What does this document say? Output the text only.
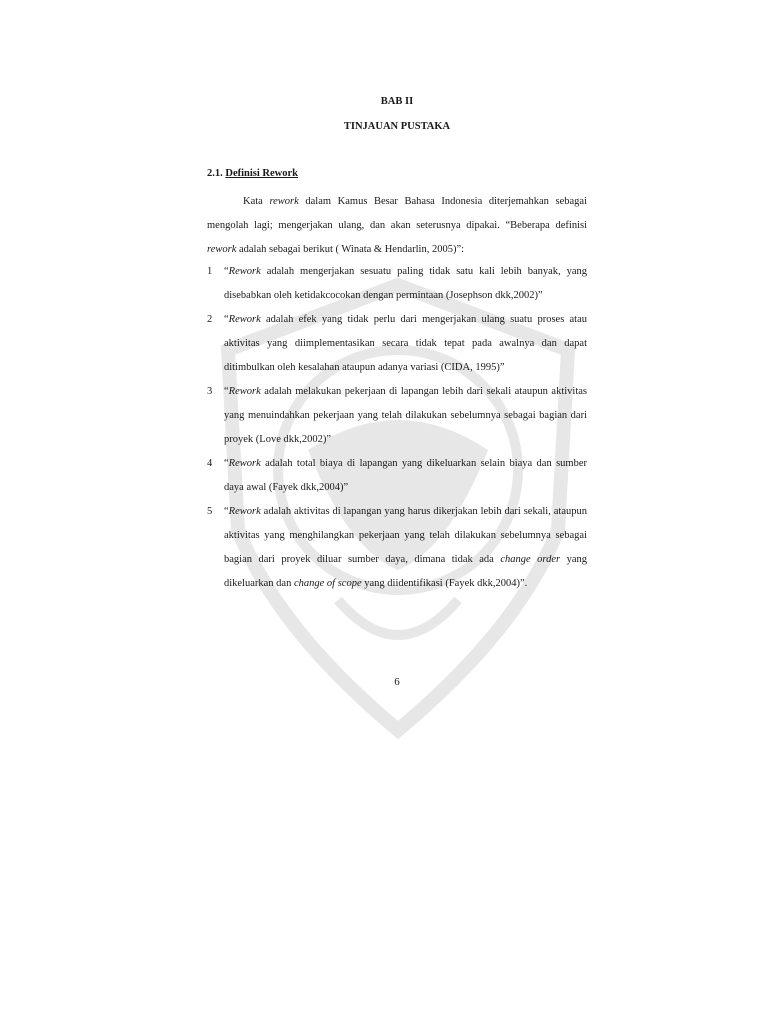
BAB II

TINJAUAN PUSTAKA

2.1. Definisi Rework

Kata rework dalam Kamus Besar Bahasa Indonesia diterjemahkan sebagai mengolah lagi; mengerjakan ulang, dan akan seterusnya dipakai. “Beberapa definisi rework adalah sebagai berikut ( Winata & Hendarlin, 2005)”:

1	“Rework adalah mengerjakan sesuatu paling tidak satu kali lebih banyak, yang disebabkan oleh ketidakcocokan dengan permintaan (Josephson dkk,2002)”
2	“Rework adalah efek yang tidak perlu dari mengerjakan ulang suatu proses atau aktivitas yang diimplementasikan secara tidak tepat pada awalnya dan dapat ditimbulkan oleh kesalahan ataupun adanya variasi (CIDA, 1995)”
3	“Rework adalah melakukan pekerjaan di lapangan lebih dari sekali ataupun aktivitas yang menuindahkan pekerjaan yang telah dilakukan sebelumnya sebagai bagian dari proyek (Love dkk,2002)”
4	“Rework adalah total biaya di lapangan yang dikeluarkan selain biaya dan sumber daya awal (Fayek dkk,2004)”
5	“Rework adalah aktivitas di lapangan yang harus dikerjakan lebih dari sekali, ataupun aktivitas yang menghilangkan pekerjaan yang telah dilakukan sebelumnya sebagai bagian dari proyek diluar sumber daya, dimana tidak ada change order yang dikeluarkan dan change of scope yang diidentifikasi (Fayek dkk,2004)”.
6
